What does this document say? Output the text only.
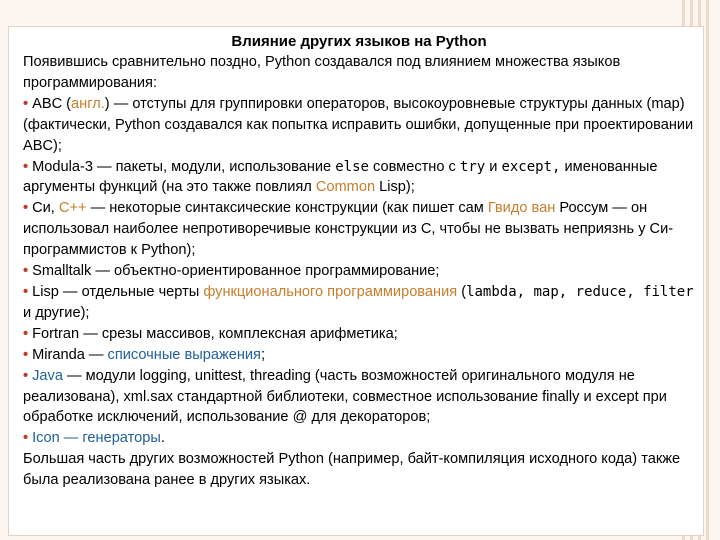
Влияние других языков на Python

Появившись сравнительно поздно, Python создавался под влиянием множества языков программирования:

• ABC (англ.) — отступы для группировки операторов, высокоуровневые структуры данных (map) (фактически, Python создавался как попытка исправить ошибки, допущенные при проектировании ABC);

• Modula-3 — пакеты, модули, использование else совместно с try и except, именованные аргументы функций (на это также повлиял Common Lisp);

• Си, C++ — некоторые синтаксические конструкции (как пишет сам Гвидо ван Россум — он использовал наиболее непротиворечивые конструкции из С, чтобы не вызвать неприязнь у Си-программистов к Python);

• Smalltalk — объектно-ориентированное программирование;

• Lisp — отдельные черты функционального программирования (lambda, map, reduce, filter и другие);

• Fortran — срезы массивов, комплексная арифметика;

• Miranda — списочные выражения;

• Java — модули logging, unittest, threading (часть возможностей оригинального модуля не реализована), xml.sax стандартной библиотеки, совместное использование finally и except при обработке исключений, использование @ для декораторов;

• Icon — генераторы.

Большая часть других возможностей Python (например, байт-компиляция исходного кода) также была реализована ранее в других языках.
